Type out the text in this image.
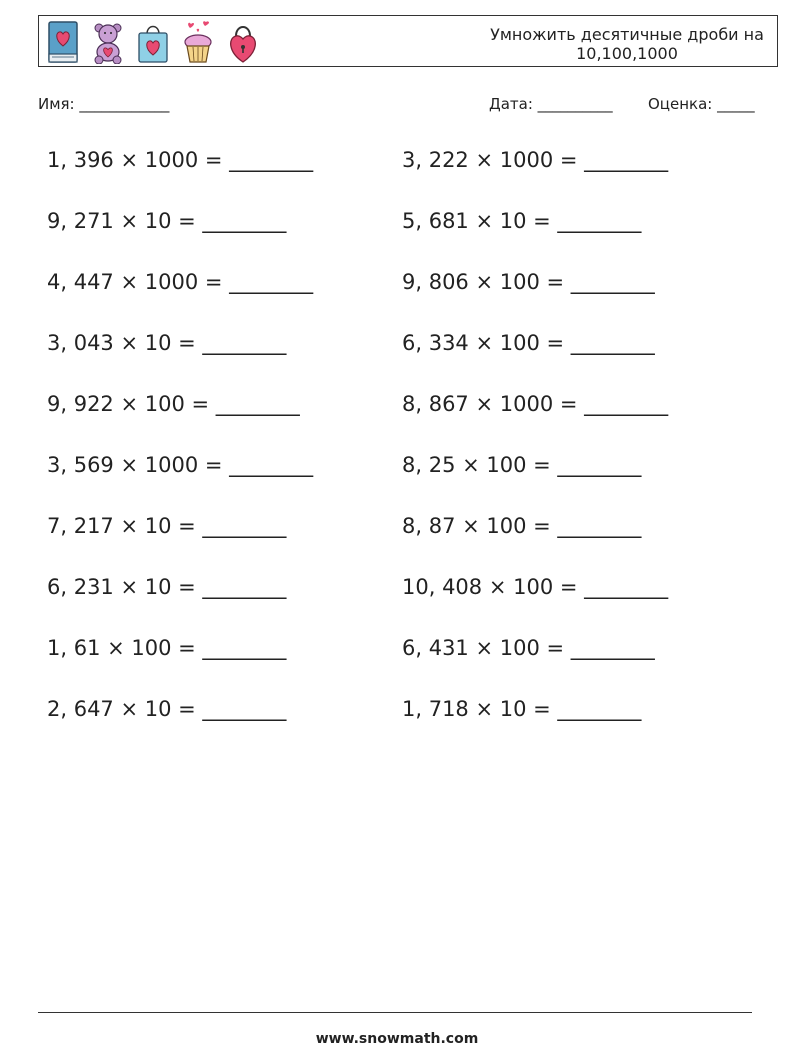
Умножить десятичные дроби на
10,100,1000
Имя: ____________	Дата: __________ Оценка: _____
1, 396 × 1000 = ________
9, 271 × 10 = ________
4, 447 × 1000 = ________
3, 043 × 10 = ________
9, 922 × 100 = ________
3, 569 × 1000 = ________
7, 217 × 10 = ________
6, 231 × 10 = ________
1, 61 × 100 = ________
2, 647 × 10 = ________
3, 222 × 1000 = ________
5, 681 × 10 = ________
9, 806 × 100 = ________
6, 334 × 100 = ________
8, 867 × 1000 = ________
8, 25 × 100 = ________
8, 87 × 100 = ________
10, 408 × 100 = ________
6, 431 × 100 = ________
1, 718 × 10 = ________
www.snowmath.com
